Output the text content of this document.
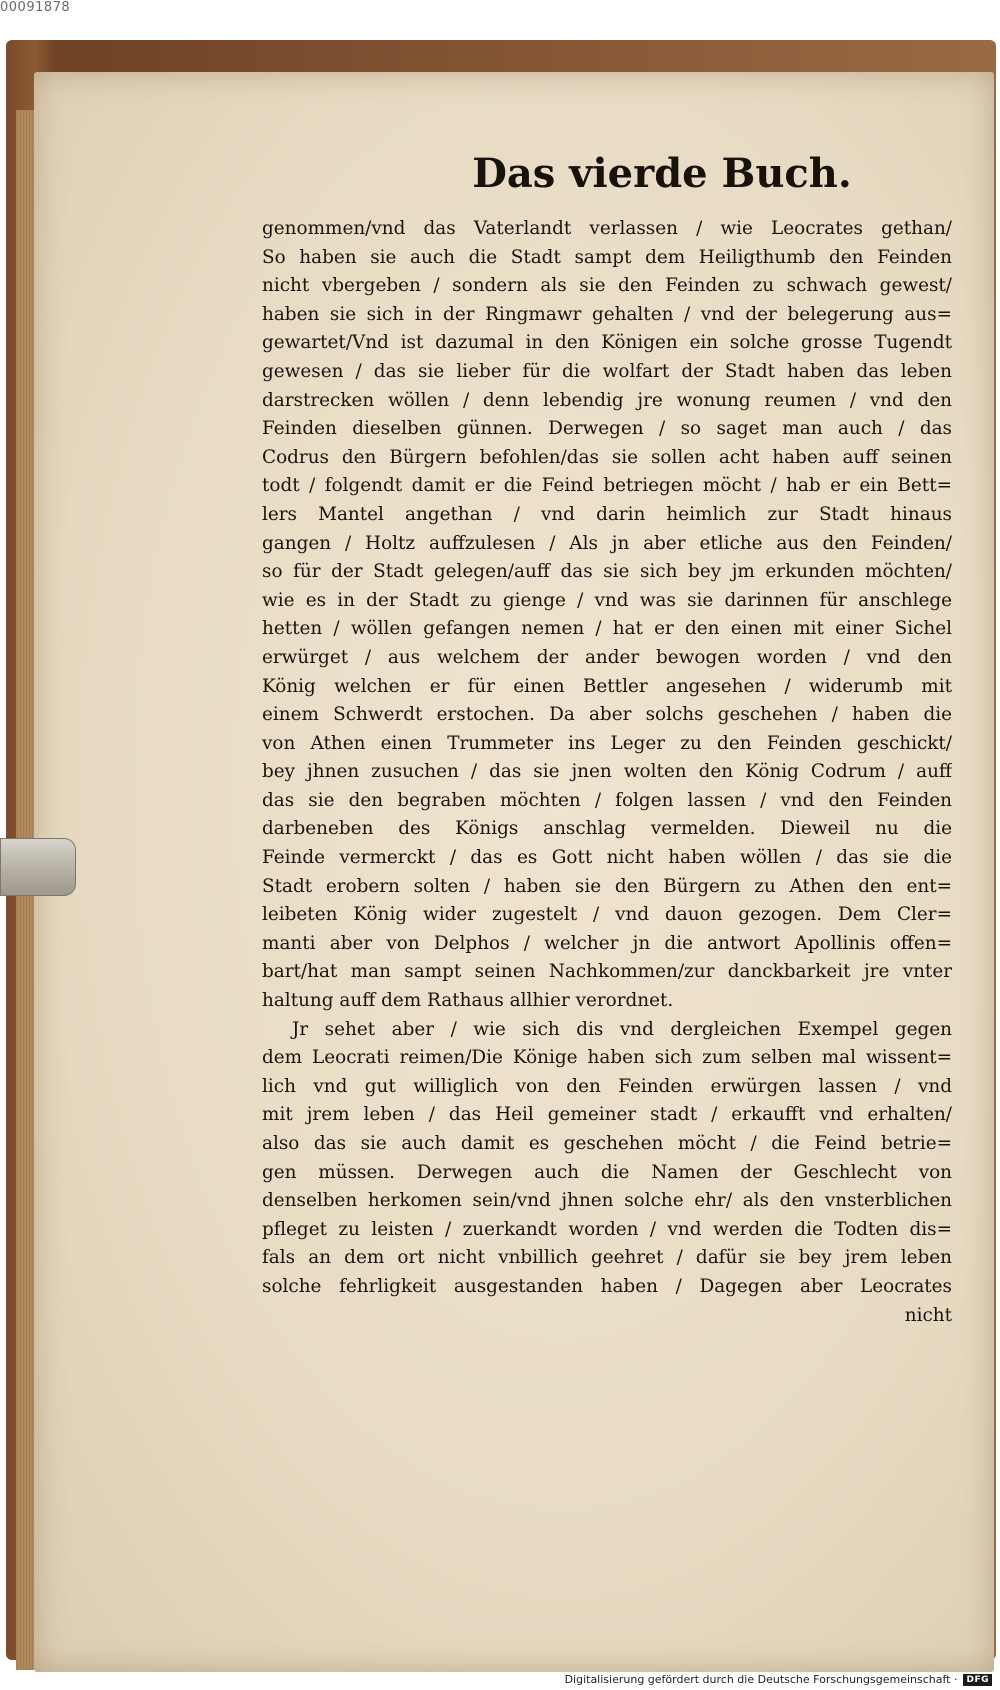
00091878
Das vierde Buch.
genommen/vnd das Vaterlandt verlassen / wie Leocrates gethan/
So haben sie auch die Stadt sampt dem Heiligthumb den Feinden
nicht vbergeben / sondern als sie den Feinden zu schwach gewest/
haben sie sich in der Ringmawr gehalten / vnd der belegerung aus=
gewartet/Vnd ist dazumal in den Königen ein solche grosse Tugendt
gewesen / das sie lieber für die wolfart der Stadt haben das leben
darstrecken wöllen / denn lebendig jre wonung reumen / vnd den
Feinden dieselben günnen. Derwegen / so saget man auch / das
Codrus den Bürgern befohlen/das sie sollen acht haben auff seinen
todt / folgendt damit er die Feind betriegen möcht / hab er ein Bett=
lers Mantel angethan / vnd darin heimlich zur Stadt hinaus
gangen / Holtz auffzulesen / Als jn aber etliche aus den Feinden/
so für der Stadt gelegen/auff das sie sich bey jm erkunden möchten/
wie es in der Stadt zu gienge / vnd was sie darinnen für anschlege
hetten / wöllen gefangen nemen / hat er den einen mit einer Sichel
erwürget / aus welchem der ander bewogen worden / vnd den
König welchen er für einen Bettler angesehen / widerumb mit
einem Schwerdt erstochen. Da aber solchs geschehen / haben die
von Athen einen Trummeter ins Leger zu den Feinden geschickt/
bey jhnen zusuchen / das sie jnen wolten den König Codrum / auff
das sie den begraben möchten / folgen lassen / vnd den Feinden
darbeneben des Königs anschlag vermelden. Dieweil nu die
Feinde vermerckt / das es Gott nicht haben wöllen / das sie die
Stadt erobern solten / haben sie den Bürgern zu Athen den ent=
leibeten König wider zugestelt / vnd dauon gezogen. Dem Cler=
manti aber von Delphos / welcher jn die antwort Apollinis offen=
bart/hat man sampt seinen Nachkommen/zur danckbarkeit jre vnter
haltung auff dem Rathaus allhier verordnet.
Jr sehet aber / wie sich dis vnd dergleichen Exempel gegen
dem Leocrati reimen/Die Könige haben sich zum selben mal wissent=
lich vnd gut williglich von den Feinden erwürgen lassen / vnd
mit jrem leben / das Heil gemeiner stadt / erkaufft vnd erhalten/
also das sie auch damit es geschehen möcht / die Feind betrie=
gen müssen. Derwegen auch die Namen der Geschlecht von
denselben herkomen sein/vnd jhnen solche ehr/ als den vnsterblichen
pfleget zu leisten / zuerkandt worden / vnd werden die Todten dis=
fals an dem ort nicht vnbillich geehret / dafür sie bey jrem leben
solche fehrligkeit ausgestanden haben / Dagegen aber Leocrates
nicht
Digitalisierung gefördert durch die Deutsche Forschungsgemeinschaft ·	DFG
